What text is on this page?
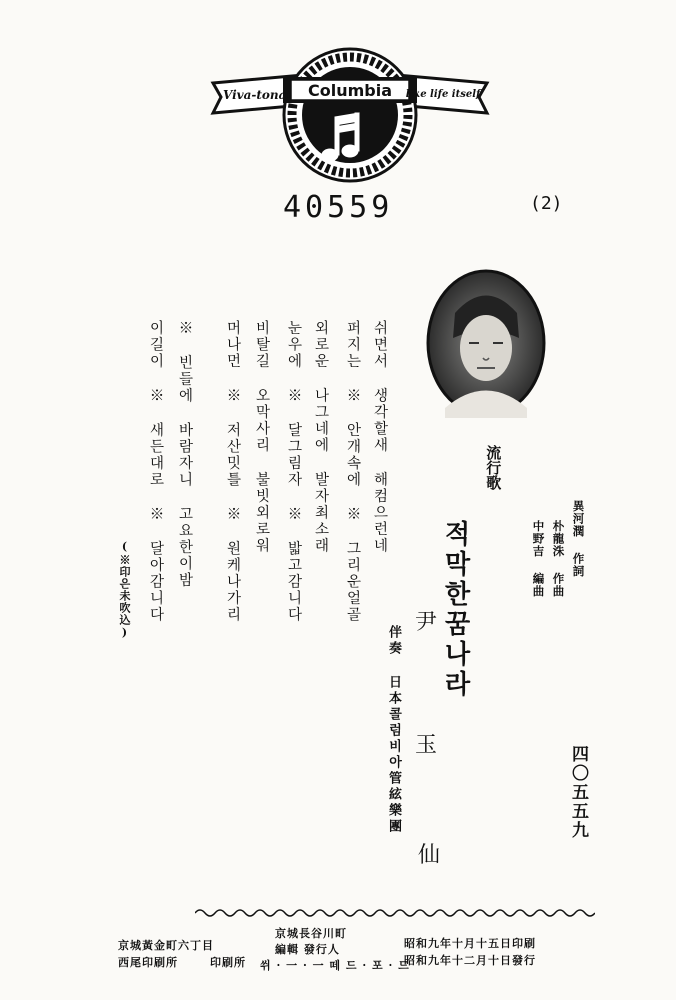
Columbia
Viva-tonal	like life itself
40559	(2)
쉬면서 생각할새 해컴으런네
퍼지는 ※ 안개속에 ※ 그리운얼골
외로운 나그네에 발자최소래
눈우에 ※ 달그림자 ※ 밟고감니다
비탈길 오막사리 불빗외로워
머나먼 ※ 저산밋틀 ※ 원케나가리
※ 빈들에 바람자니 고요한이밤
이길이 ※ 새든대로 ※ 달아감니다
(※印은未吹込)
流行歌
적막한꿈나라	異河潤 作詞
朴龍洙 作曲
中野吉 編曲
尹
玉
仙
伴奏 日本콜럼비아管絃樂團	四〇五五九
昭和九年十月十五日印刷
昭和九年十二月十日發行
京城長谷川町
編輯 發行人
쒸 · 一 · 一 떼 드 · 포 · 드
京城黃金町六丁目
西尾印刷所	印刷所
